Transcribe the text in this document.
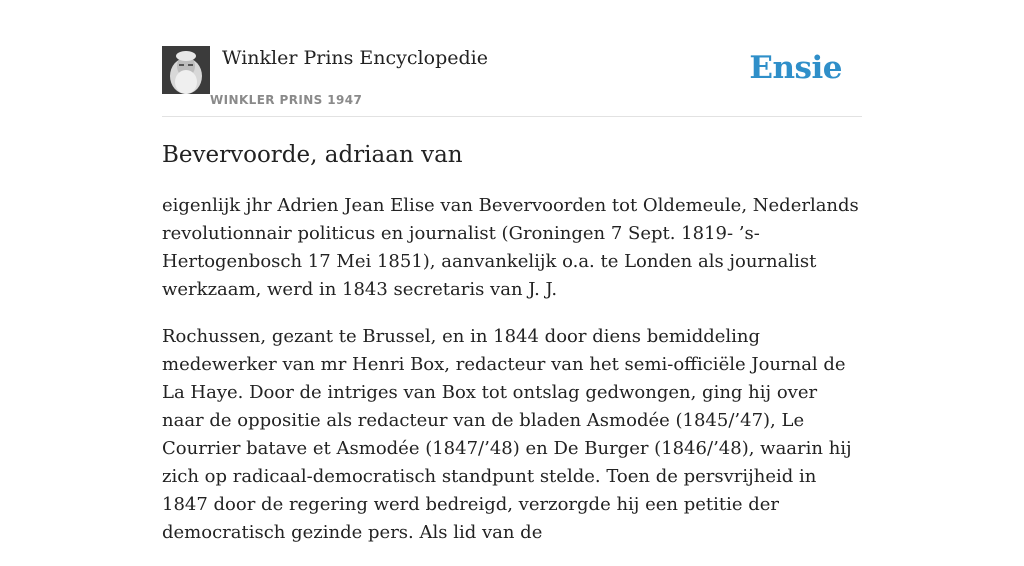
Winkler Prins Encyclopedie
WINKLER PRINS 1947
Ensie
Bevervoorde, adriaan van

eigenlijk jhr Adrien Jean Elise van Bevervoorden tot Oldemeule, Nederlands revolutionnair politicus en journalist (Groningen 7 Sept. 1819- ’s-Hertogenbosch 17 Mei 1851), aanvankelijk o.a. te Londen als journalist werkzaam, werd in 1843 secretaris van J. J.

Rochussen, gezant te Brussel, en in 1844 door diens bemiddeling medewerker van mr Henri Box, redacteur van het semi-officiële Journal de La Haye. Door de intriges van Box tot ontslag gedwongen, ging hij over naar de oppositie als redacteur van de bladen Asmodée (1845/’47), Le Courrier batave et Asmodée (1847/’48) en De Burger (1846/’48), waarin hij zich op radicaal-democratisch standpunt stelde. Toen de persvrijheid in 1847 door de regering werd bedreigd, verzorgde hij een petitie der democratisch gezinde pers. Als lid van de
